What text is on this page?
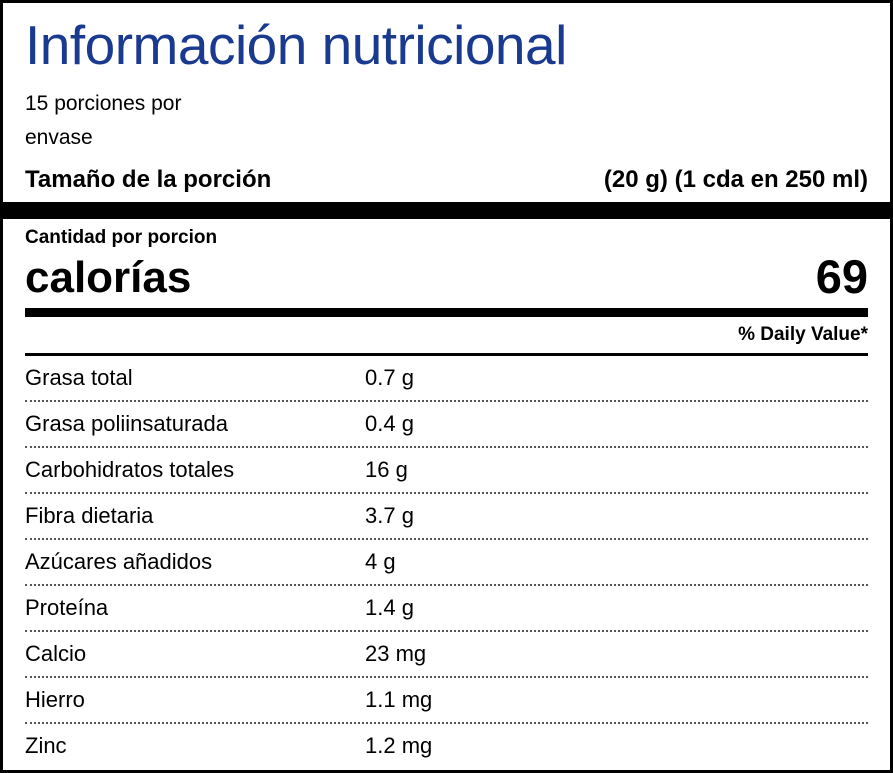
Información nutricional
15 porciones por
envase
Tamaño de la porción	(20 g) (1 cda en 250 ml)
Cantidad por porcion
calorías	69
% Daily Value*
Grasa total	0.7 g
Grasa poliinsaturada	0.4 g
Carbohidratos totales	16 g
Fibra dietaria	3.7 g
Azúcares añadidos	4 g
Proteína	1.4 g
Calcio	23 mg
Hierro	1.1 mg
Zinc	1.2 mg
